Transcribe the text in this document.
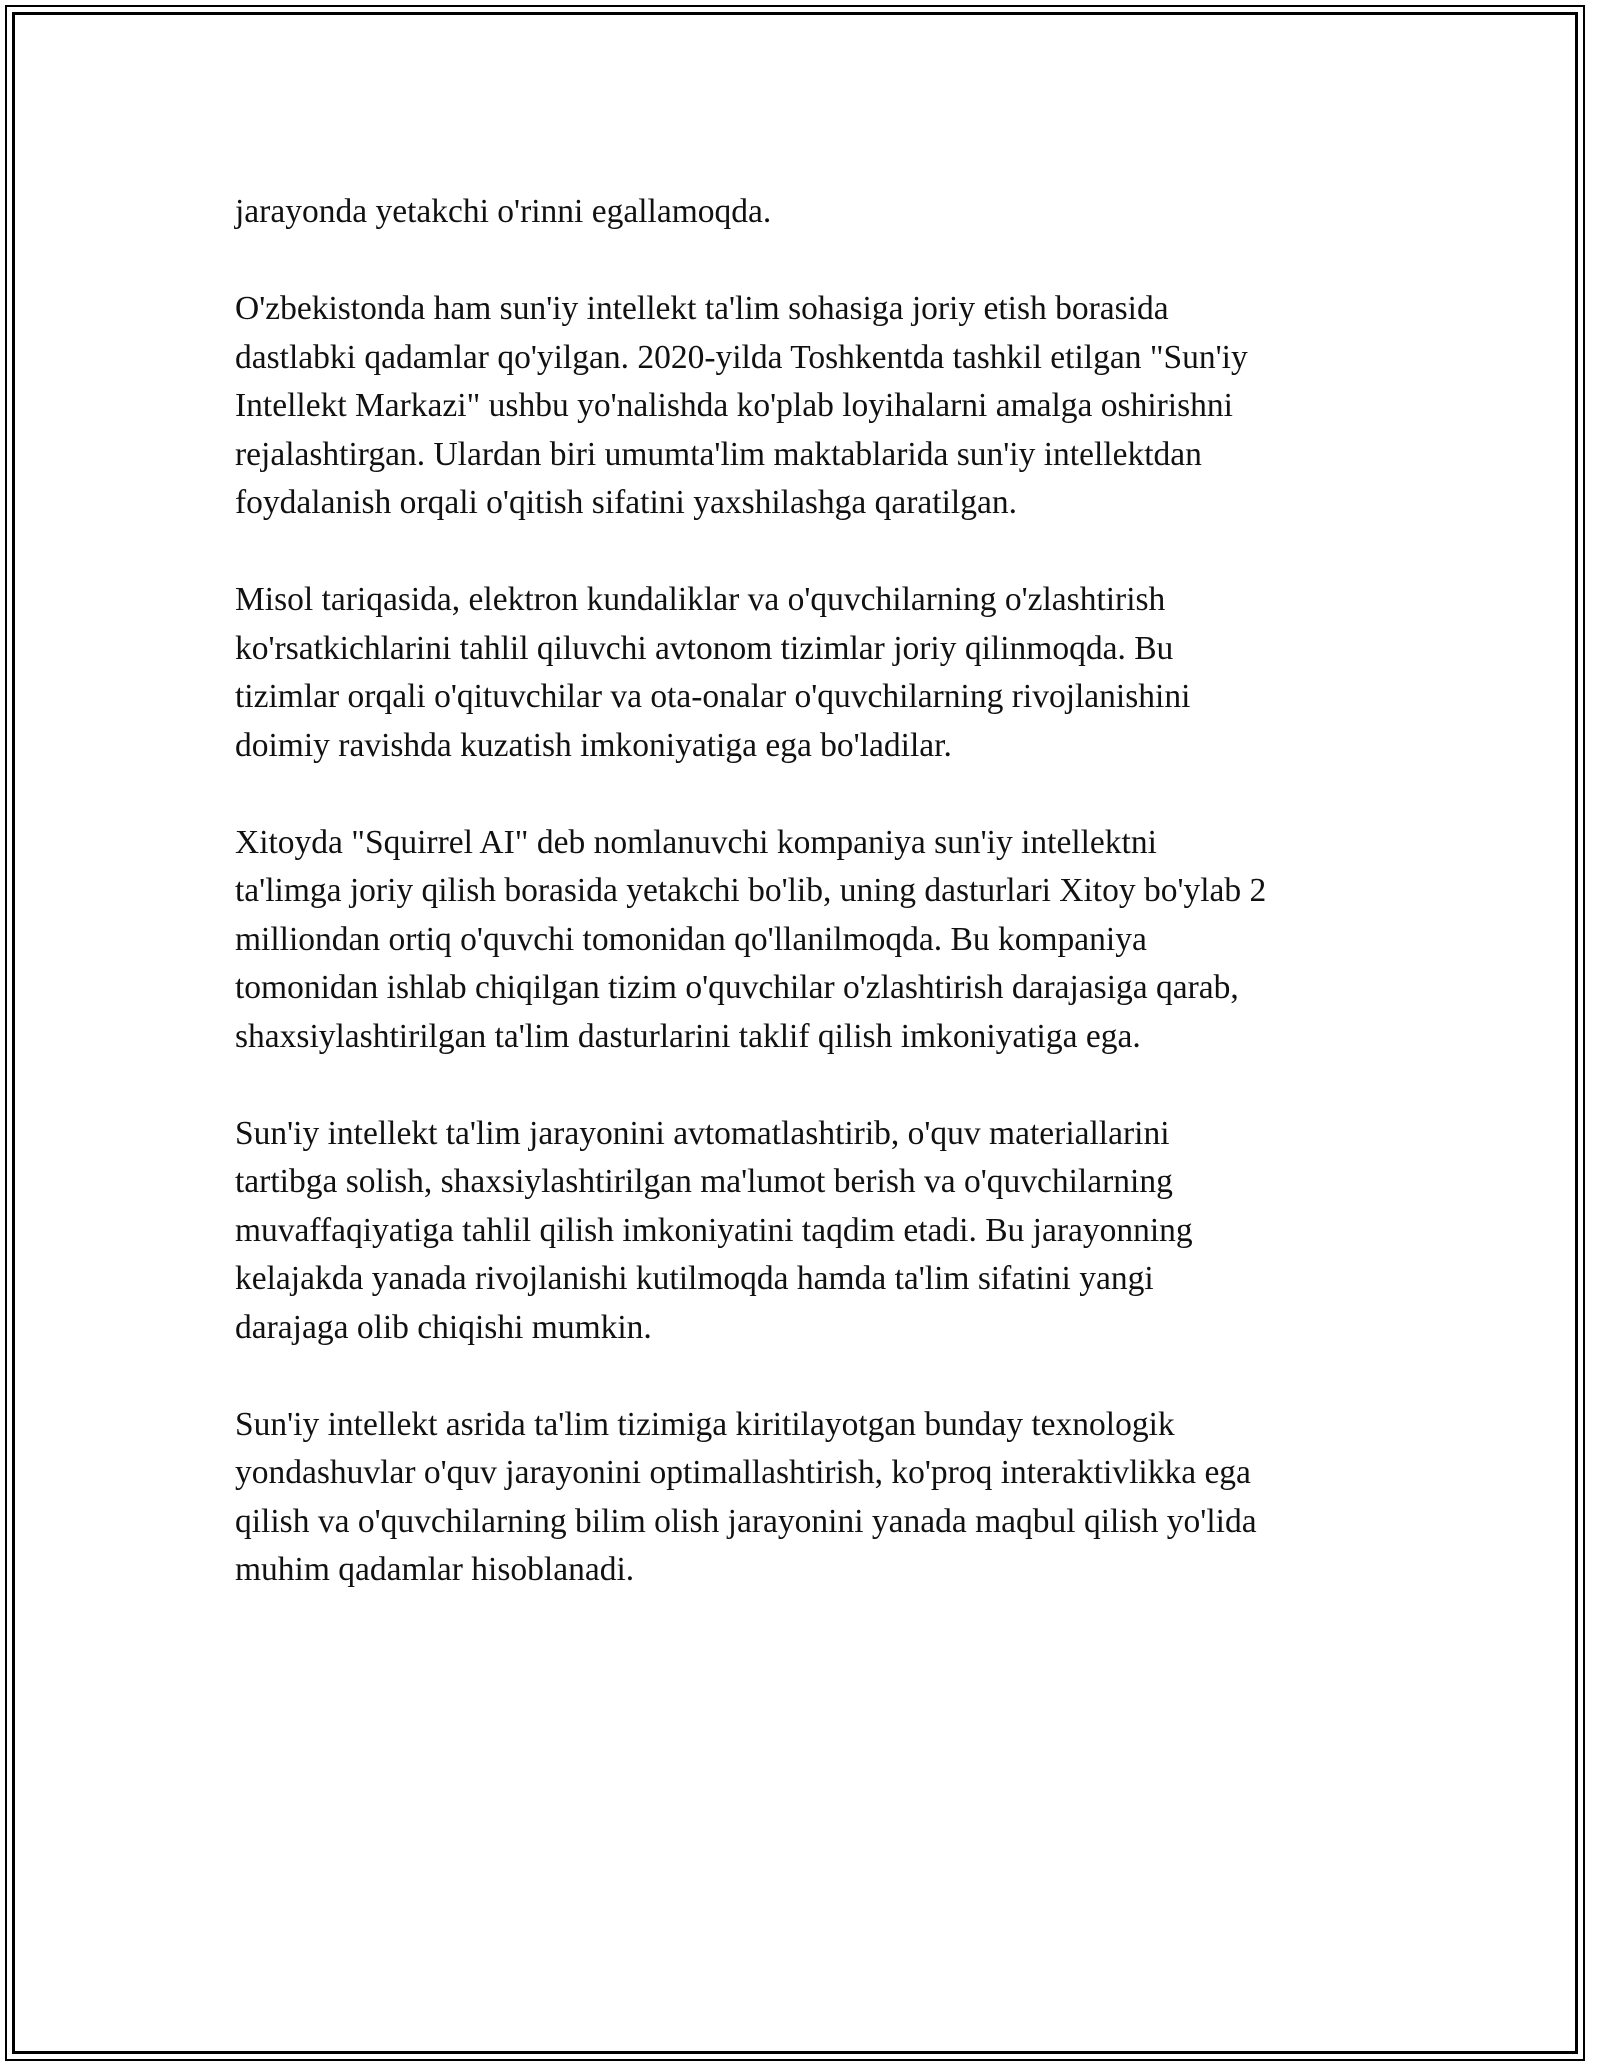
jarayonda yetakchi o'rinni egallamoqda.

O'zbekistonda ham sun'iy intellekt ta'lim sohasiga joriy etish borasida
dastlabki qadamlar qo'yilgan. 2020-yilda Toshkentda tashkil etilgan "Sun'iy
Intellekt Markazi" ushbu yo'nalishda ko'plab loyihalarni amalga oshirishni
rejalashtirgan. Ulardan biri umumta'lim maktablarida sun'iy intellektdan
foydalanish orqali o'qitish sifatini yaxshilashga qaratilgan.

Misol tariqasida, elektron kundaliklar va o'quvchilarning o'zlashtirish
ko'rsatkichlarini tahlil qiluvchi avtonom tizimlar joriy qilinmoqda. Bu
tizimlar orqali o'qituvchilar va ota-onalar o'quvchilarning rivojlanishini
doimiy ravishda kuzatish imkoniyatiga ega bo'ladilar.

Xitoyda "Squirrel AI" deb nomlanuvchi kompaniya sun'iy intellektni
ta'limga joriy qilish borasida yetakchi bo'lib, uning dasturlari Xitoy bo'ylab 2
milliondan ortiq o'quvchi tomonidan qo'llanilmoqda. Bu kompaniya
tomonidan ishlab chiqilgan tizim o'quvchilar o'zlashtirish darajasiga qarab,
shaxsiylashtirilgan ta'lim dasturlarini taklif qilish imkoniyatiga ega.

Sun'iy intellekt ta'lim jarayonini avtomatlashtirib, o'quv materiallarini
tartibga solish, shaxsiylashtirilgan ma'lumot berish va o'quvchilarning
muvaffaqiyatiga tahlil qilish imkoniyatini taqdim etadi. Bu jarayonning
kelajakda yanada rivojlanishi kutilmoqda hamda ta'lim sifatini yangi
darajaga olib chiqishi mumkin.

Sun'iy intellekt asrida ta'lim tizimiga kiritilayotgan bunday texnologik
yondashuvlar o'quv jarayonini optimallashtirish, ko'proq interaktivlikka ega
qilish va o'quvchilarning bilim olish jarayonini yanada maqbul qilish yo'lida
muhim qadamlar hisoblanadi.
